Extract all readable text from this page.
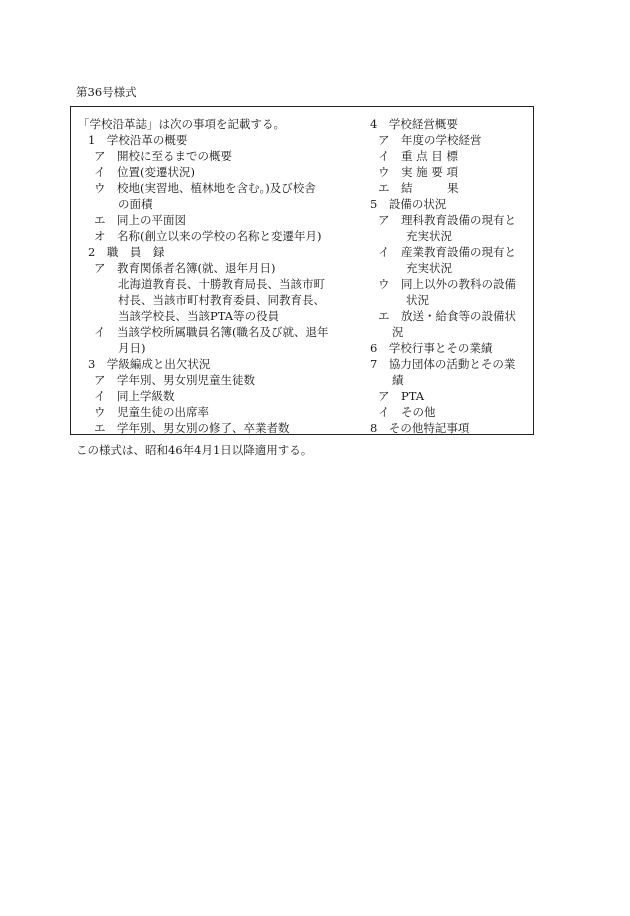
第36号様式
「学校沿革誌」は次の事項を記載する。
1　学校沿革の概要
ア　開校に至るまでの概要
イ　位置(変遷状況)
ウ　校地(実習地、植林地を含む。)及び校舎
の面積
エ　同上の平面図
オ　名称(創立以来の学校の名称と変遷年月)
2　職　員　録
ア　教育関係者名簿(就、退年月日)
北海道教育長、十勝教育局長、当該市町
村長、当該市町村教育委員、同教育長、
当該学校長、当該PTA等の役員
イ　当該学校所属職員名簿(職名及び就、退年
月日)
3　学級編成と出欠状況
ア　学年別、男女別児童生徒数
イ　同上学級数
ウ　児童生徒の出席率
エ　学年別、男女別の修了、卒業者数
4　学校経営概要
ア　年度の学校経営
イ　重 点 目 標
ウ　実 施 要 項
エ　結　　　果
5　設備の状況
ア　理科教育設備の現有と
充実状況
イ　産業教育設備の現有と
充実状況
ウ　同上以外の教科の設備
状況
エ　放送・給食等の設備状
況
6　学校行事とその業績
7　協力団体の活動とその業
績
ア　PTA
イ　その他
8　その他特記事項
この様式は、昭和46年4月1日以降適用する。
